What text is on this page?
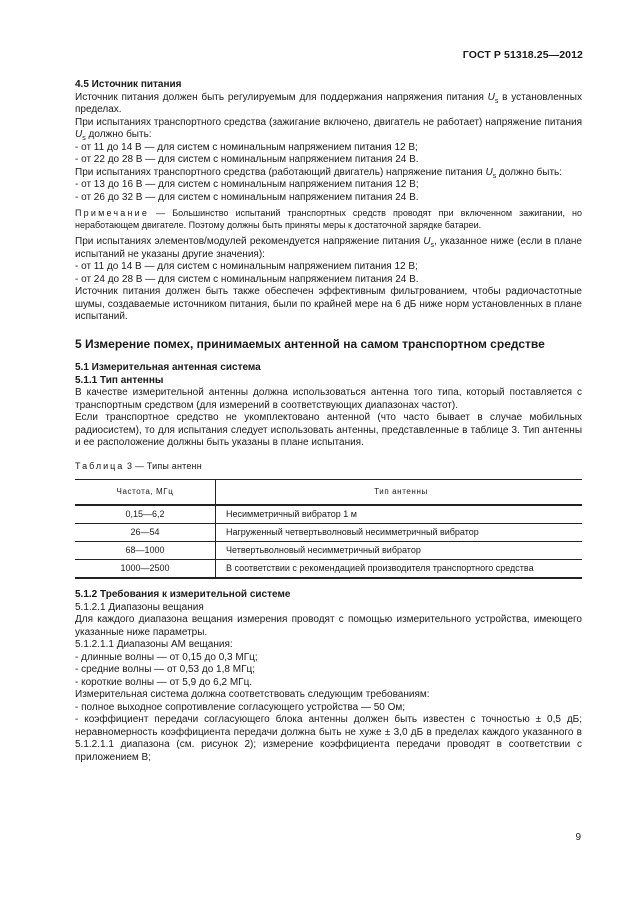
ГОСТ Р 51318.25—2012

4.5 Источник питания

Источник питания должен быть регулируемым для поддержания напряжения питания $U_s$ в установленных пределах.

При испытаниях транспортного средства (зажигание включено, двигатель не работает) напряжение питания $U_s$ должно быть:

- от 11 до 14 В — для систем с номинальным напряжением питания 12 В;
- от 22 до 28 В — для систем с номинальным напряжением питания 24 В.

При испытаниях транспортного средства (работающий двигатель) напряжение питания $U_s$ должно быть:

- от 13 до 16 В — для систем с номинальным напряжением питания 12 В;
- от 26 до 32 В — для систем с номинальным напряжением питания 24 В.

Примечание — Большинство испытаний транспортных средств проводят при включенном зажигании, но неработающем двигателе. Поэтому должны быть приняты меры к достаточной зарядке батареи.

При испытаниях элементов/модулей рекомендуется напряжение питания $U_s$, указанное ниже (если в плане испытаний не указаны другие значения):

- от 11 до 14 В — для систем с номинальным напряжением питания 12 В;
- от 24 до 28 В — для систем с номинальным напряжением питания 24 В.

Источник питания должен быть также обеспечен эффективным фильтрованием, чтобы радиочастотные шумы, создаваемые источником питания, были по крайней мере на 6 дБ ниже норм установленных в плане испытаний.

5 Измерение помех, принимаемых антенной на самом транспортном средстве

5.1 Измерительная антенная система

5.1.1 Тип антенны

В качестве измерительной антенны должна использоваться антенна того типа, который поставляется с транспортным средством (для измерений в соответствующих диапазонах частот).

Если транспортное средство не укомплектовано антенной (что часто бывает в случае мобильных радиосистем), то для испытания следует использовать антенны, представленные в таблице 3. Тип антенны и ее расположение должны быть указаны в плане испытания.

Таблица 3 — Типы антенн

Частота, МГц	Тип антенны
0,15—6,2	Несимметричный вибратор 1 м
26—54	Нагруженный четвертьволновый несимметричный вибратор
68—1000	Четвертьволновый несимметричный вибратор
1000—2500	В соответствии с рекомендацией производителя транспортного средства

5.1.2 Требования к измерительной системе

5.1.2.1 Диапазоны вещания

Для каждого диапазона вещания измерения проводят с помощью измерительного устройства, имеющего указанные ниже параметры.

5.1.2.1.1 Диапазоны AM вещания:

- длинные волны — от 0,15 до 0,3 МГц;
- средние волны — от 0,53 до 1,8 МГц;
- короткие волны — от 5,9 до 6,2 МГц.

Измерительная система должна соответствовать следующим требованиям:

- полное выходное сопротивление согласующего устройства — 50 Ом;

- коэффициент передачи согласующего блока антенны должен быть известен с точностью ± 0,5 дБ; неравномерность коэффициента передачи должна быть не хуже ± 3,0 дБ в пределах каждого указанного в 5.1.2.1.1 диапазона (см. рисунок 2); измерение коэффициента передачи проводят в соответствии с приложением В;

9
